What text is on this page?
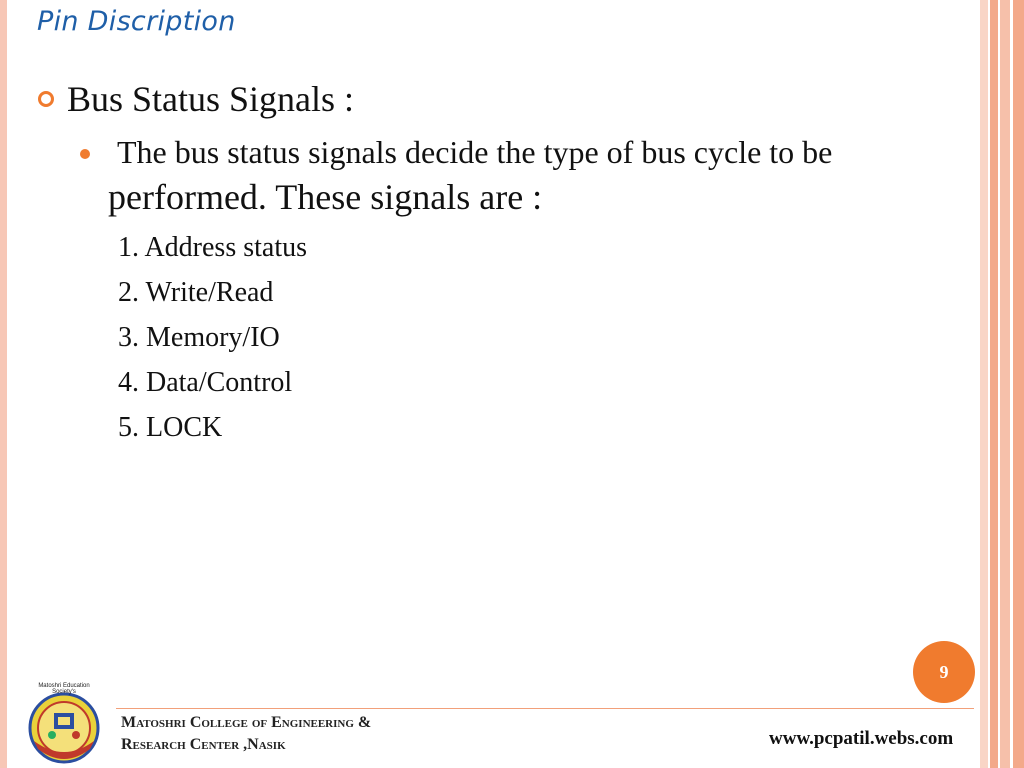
Pin Discription
Bus Status Signals :
The bus status signals decide the type of bus cycle to be
performed. These signals are :
1. Address status
2. Write/Read
3. Memory/IO
4. Data/Control
5. LOCK
9
Matoshri Education Society's
Matoshri College of Engineering &
Research Center ,Nasik	www.pcpatil.webs.com
